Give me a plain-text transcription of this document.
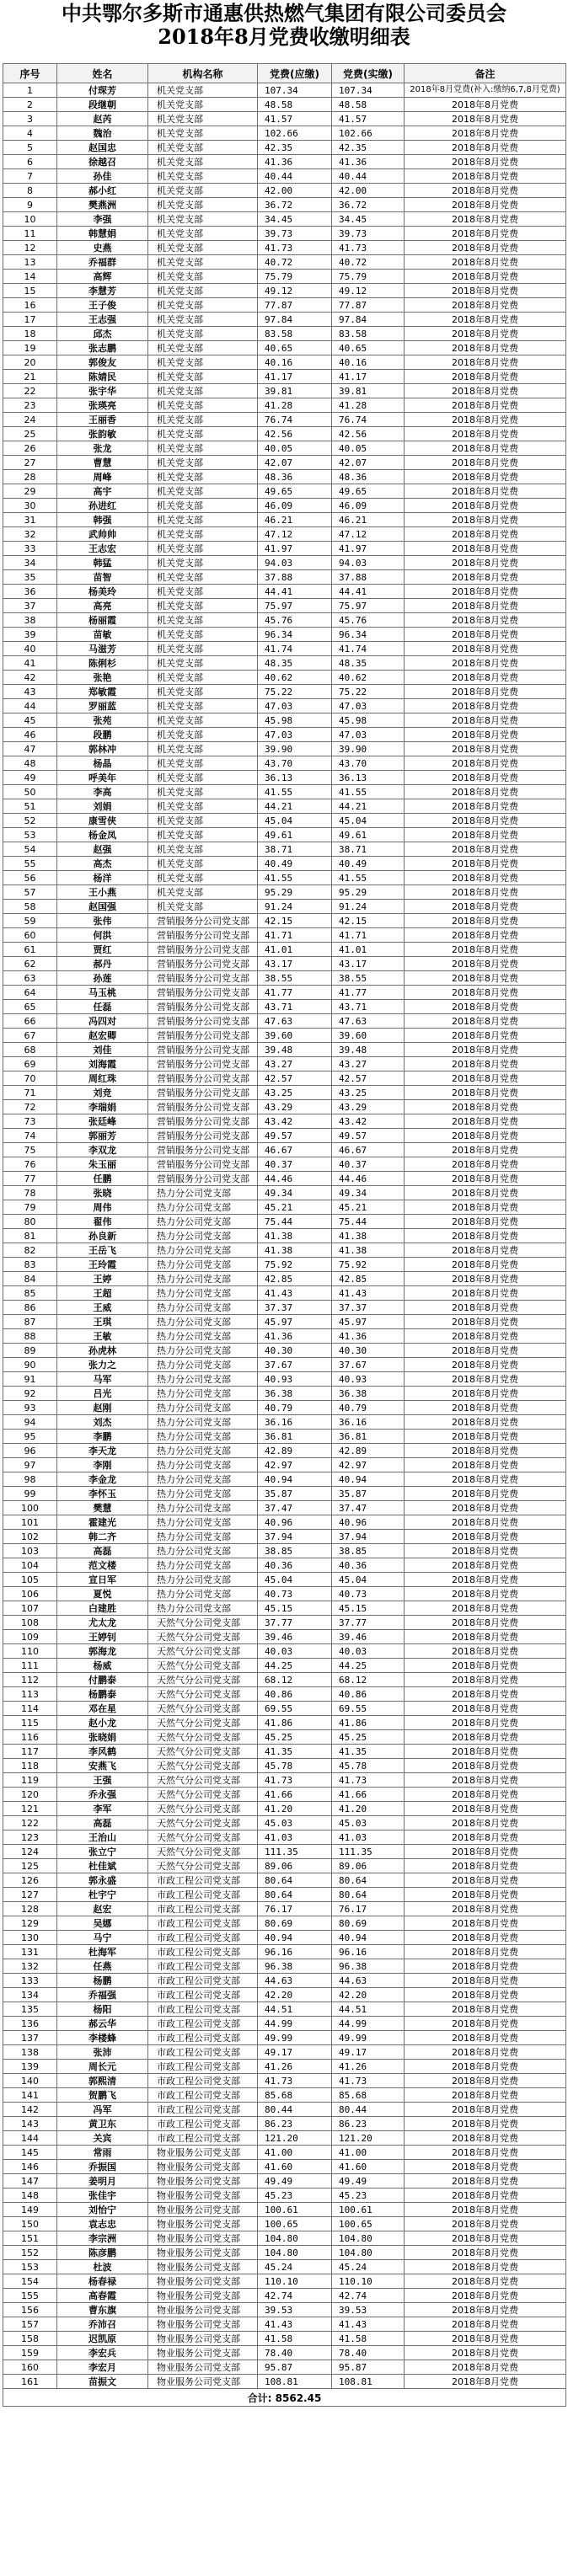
中共鄂尔多斯市通惠供热燃气集团有限公司委员会
2018年8月党费收缴明细表
序号	姓名	机构名称	党费(应缴)	党费(实缴)	备注
1	付琛芳	机关党支部	107.34	107.34	2018年8月党费(补入:缴纳6,7,8月党费)
2	段继朝	机关党支部	48.58	48.58	2018年8月党费
3	赵芮	机关党支部	41.57	41.57	2018年8月党费
4	魏治	机关党支部	102.66	102.66	2018年8月党费
5	赵国忠	机关党支部	42.35	42.35	2018年8月党费
6	徐越召	机关党支部	41.36	41.36	2018年8月党费
7	孙佳	机关党支部	40.44	40.44	2018年8月党费
8	郝小红	机关党支部	42.00	42.00	2018年8月党费
9	樊燕洲	机关党支部	36.72	36.72	2018年8月党费
10	李强	机关党支部	34.45	34.45	2018年8月党费
11	韩慧娟	机关党支部	39.73	39.73	2018年8月党费
12	史燕	机关党支部	41.73	41.73	2018年8月党费
13	乔福群	机关党支部	40.72	40.72	2018年8月党费
14	高辉	机关党支部	75.79	75.79	2018年8月党费
15	李慧芳	机关党支部	49.12	49.12	2018年8月党费
16	王子俊	机关党支部	77.87	77.87	2018年8月党费
17	王志强	机关党支部	97.84	97.84	2018年8月党费
18	邱杰	机关党支部	83.58	83.58	2018年8月党费
19	张志鹏	机关党支部	40.65	40.65	2018年8月党费
20	郭俊友	机关党支部	40.16	40.16	2018年8月党费
21	陈婧民	机关党支部	41.17	41.17	2018年8月党费
22	张宇华	机关党支部	39.81	39.81	2018年8月党费
23	张瑛亮	机关党支部	41.28	41.28	2018年8月党费
24	王丽香	机关党支部	76.74	76.74	2018年8月党费
25	张韵敏	机关党支部	42.56	42.56	2018年8月党费
26	张龙	机关党支部	40.05	40.05	2018年8月党费
27	曹慧	机关党支部	42.07	42.07	2018年8月党费
28	周峰	机关党支部	48.36	48.36	2018年8月党费
29	高宇	机关党支部	49.65	49.65	2018年8月党费
30	孙进红	机关党支部	46.09	46.09	2018年8月党费
31	韩强	机关党支部	46.21	46.21	2018年8月党费
32	武帅帅	机关党支部	47.12	47.12	2018年8月党费
33	王志宏	机关党支部	41.97	41.97	2018年8月党费
34	韩猛	机关党支部	94.03	94.03	2018年8月党费
35	苗智	机关党支部	37.88	37.88	2018年8月党费
36	杨美玲	机关党支部	44.41	44.41	2018年8月党费
37	高亮	机关党支部	75.97	75.97	2018年8月党费
38	杨丽霞	机关党支部	45.76	45.76	2018年8月党费
39	苗敏	机关党支部	96.34	96.34	2018年8月党费
40	马滋芳	机关党支部	41.74	41.74	2018年8月党费
41	陈俐杉	机关党支部	48.35	48.35	2018年8月党费
42	张艳	机关党支部	40.62	40.62	2018年8月党费
43	郑敏霞	机关党支部	75.22	75.22	2018年8月党费
44	罗丽蓝	机关党支部	47.03	47.03	2018年8月党费
45	张苑	机关党支部	45.98	45.98	2018年8月党费
46	段鹏	机关党支部	47.03	47.03	2018年8月党费
47	郭林冲	机关党支部	39.90	39.90	2018年8月党费
48	杨晶	机关党支部	43.70	43.70	2018年8月党费
49	呼美年	机关党支部	36.13	36.13	2018年8月党费
50	李高	机关党支部	41.55	41.55	2018年8月党费
51	刘娟	机关党支部	44.21	44.21	2018年8月党费
52	康雪侠	机关党支部	45.04	45.04	2018年8月党费
53	杨金凤	机关党支部	49.61	49.61	2018年8月党费
54	赵强	机关党支部	38.71	38.71	2018年8月党费
55	高杰	机关党支部	40.49	40.49	2018年8月党费
56	杨洋	机关党支部	41.55	41.55	2018年8月党费
57	王小燕	机关党支部	95.29	95.29	2018年8月党费
58	赵国强	机关党支部	91.24	91.24	2018年8月党费
59	张伟	营销服务分公司党支部	42.15	42.15	2018年8月党费
60	何洪	营销服务分公司党支部	41.71	41.71	2018年8月党费
61	贾红	营销服务分公司党支部	41.01	41.01	2018年8月党费
62	郝丹	营销服务分公司党支部	43.17	43.17	2018年8月党费
63	孙莲	营销服务分公司党支部	38.55	38.55	2018年8月党费
64	马玉桃	营销服务分公司党支部	41.77	41.77	2018年8月党费
65	任磊	营销服务分公司党支部	43.71	43.71	2018年8月党费
66	冯四对	营销服务分公司党支部	47.63	47.63	2018年8月党费
67	赵宏卿	营销服务分公司党支部	39.60	39.60	2018年8月党费
68	刘佳	营销服务分公司党支部	39.48	39.48	2018年8月党费
69	刘海霞	营销服务分公司党支部	43.27	43.27	2018年8月党费
70	周红珠	营销服务分公司党支部	42.57	42.57	2018年8月党费
71	刘竞	营销服务分公司党支部	43.25	43.25	2018年8月党费
72	李瑞娟	营销服务分公司党支部	43.29	43.29	2018年8月党费
73	张廷峰	营销服务分公司党支部	43.42	43.42	2018年8月党费
74	郭丽芳	营销服务分公司党支部	49.57	49.57	2018年8月党费
75	李双龙	营销服务分公司党支部	46.67	46.67	2018年8月党费
76	朱玉丽	营销服务分公司党支部	40.37	40.37	2018年8月党费
77	任鹏	营销服务分公司党支部	44.46	44.46	2018年8月党费
78	张晓	热力分公司党支部	49.34	49.34	2018年8月党费
79	周伟	热力分公司党支部	45.21	45.21	2018年8月党费
80	翟伟	热力分公司党支部	75.44	75.44	2018年8月党费
81	孙良新	热力分公司党支部	41.38	41.38	2018年8月党费
82	王岳飞	热力分公司党支部	41.38	41.38	2018年8月党费
83	王玲霞	热力分公司党支部	75.92	75.92	2018年8月党费
84	王婷	热力分公司党支部	42.85	42.85	2018年8月党费
85	王超	热力分公司党支部	41.43	41.43	2018年8月党费
86	王威	热力分公司党支部	37.37	37.37	2018年8月党费
87	王琪	热力分公司党支部	45.97	45.97	2018年8月党费
88	王敏	热力分公司党支部	41.36	41.36	2018年8月党费
89	孙虎林	热力分公司党支部	40.30	40.30	2018年8月党费
90	张力之	热力分公司党支部	37.67	37.67	2018年8月党费
91	马军	热力分公司党支部	40.93	40.93	2018年8月党费
92	吕光	热力分公司党支部	36.38	36.38	2018年8月党费
93	赵刚	热力分公司党支部	40.79	40.79	2018年8月党费
94	刘杰	热力分公司党支部	36.16	36.16	2018年8月党费
95	李鹏	热力分公司党支部	36.81	36.81	2018年8月党费
96	李天龙	热力分公司党支部	42.89	42.89	2018年8月党费
97	李刚	热力分公司党支部	42.97	42.97	2018年8月党费
98	李金龙	热力分公司党支部	40.94	40.94	2018年8月党费
99	李怀玉	热力分公司党支部	35.87	35.87	2018年8月党费
100	樊慧	热力分公司党支部	37.47	37.47	2018年8月党费
101	霍建光	热力分公司党支部	40.96	40.96	2018年8月党费
102	韩二齐	热力分公司党支部	37.94	37.94	2018年8月党费
103	高磊	热力分公司党支部	38.85	38.85	2018年8月党费
104	范文楼	热力分公司党支部	40.36	40.36	2018年8月党费
105	宣日军	热力分公司党支部	45.04	45.04	2018年8月党费
106	夏悦	热力分公司党支部	40.73	40.73	2018年8月党费
107	白建胜	热力分公司党支部	45.15	45.15	2018年8月党费
108	尤太龙	天然气分公司党支部	37.77	37.77	2018年8月党费
109	王婷钊	天然气分公司党支部	39.46	39.46	2018年8月党费
110	郭海龙	天然气分公司党支部	40.03	40.03	2018年8月党费
111	杨威	天然气分公司党支部	44.25	44.25	2018年8月党费
112	付鹏泰	天然气分公司党支部	68.12	68.12	2018年8月党费
113	杨鹏泰	天然气分公司党支部	40.86	40.86	2018年8月党费
114	邓在星	天然气分公司党支部	69.55	69.55	2018年8月党费
115	赵小龙	天然气分公司党支部	41.86	41.86	2018年8月党费
116	张晓娟	天然气分公司党支部	45.25	45.25	2018年8月党费
117	李风鹤	天然气分公司党支部	41.35	41.35	2018年8月党费
118	安燕飞	天然气分公司党支部	45.78	45.78	2018年8月党费
119	王强	天然气分公司党支部	41.73	41.73	2018年8月党费
120	乔永强	天然气分公司党支部	41.66	41.66	2018年8月党费
121	李军	天然气分公司党支部	41.20	41.20	2018年8月党费
122	高磊	天然气分公司党支部	45.03	45.03	2018年8月党费
123	王治山	天然气分公司党支部	41.03	41.03	2018年8月党费
124	张立宁	天然气分公司党支部	111.35	111.35	2018年8月党费
125	杜佳斌	天然气分公司党支部	89.06	89.06	2018年8月党费
126	郭永盛	市政工程公司党支部	80.64	80.64	2018年8月党费
127	杜宇宁	市政工程公司党支部	80.64	80.64	2018年8月党费
128	赵宏	市政工程公司党支部	76.17	76.17	2018年8月党费
129	吴娜	市政工程公司党支部	80.69	80.69	2018年8月党费
130	马宁	市政工程公司党支部	40.94	40.94	2018年8月党费
131	杜海军	市政工程公司党支部	96.16	96.16	2018年8月党费
132	任燕	市政工程公司党支部	96.38	96.38	2018年8月党费
133	杨鹏	市政工程公司党支部	44.63	44.63	2018年8月党费
134	乔福强	市政工程公司党支部	42.20	42.20	2018年8月党费
135	杨阳	市政工程公司党支部	44.51	44.51	2018年8月党费
136	郝云华	市政工程公司党支部	44.99	44.99	2018年8月党费
137	李楼蜂	市政工程公司党支部	49.99	49.99	2018年8月党费
138	张沛	市政工程公司党支部	49.17	49.17	2018年8月党费
139	周长元	市政工程公司党支部	41.26	41.26	2018年8月党费
140	郭熙清	市政工程公司党支部	41.73	41.73	2018年8月党费
141	贺鹏飞	市政工程公司党支部	85.68	85.68	2018年8月党费
142	冯军	市政工程公司党支部	80.44	80.44	2018年8月党费
143	黄卫东	市政工程公司党支部	86.23	86.23	2018年8月党费
144	关宾	市政工程公司党支部	121.20	121.20	2018年8月党费
145	常雨	物业服务公司党支部	41.00	41.00	2018年8月党费
146	乔振国	物业服务公司党支部	41.60	41.60	2018年8月党费
147	姜明月	物业服务公司党支部	49.49	49.49	2018年8月党费
148	张佳宇	物业服务公司党支部	45.23	45.23	2018年8月党费
149	刘怡宁	物业服务公司党支部	100.61	100.61	2018年8月党费
150	袁志忠	物业服务公司党支部	100.65	100.65	2018年8月党费
151	李宗洲	物业服务公司党支部	104.80	104.80	2018年8月党费
152	陈彦鹏	物业服务公司党支部	104.80	104.80	2018年8月党费
153	杜波	物业服务公司党支部	45.24	45.24	2018年8月党费
154	杨春禄	物业服务公司党支部	110.10	110.10	2018年8月党费
155	高春霞	物业服务公司党支部	42.74	42.74	2018年8月党费
156	曹东旗	物业服务公司党支部	39.53	39.53	2018年8月党费
157	乔沛召	物业服务公司党支部	41.43	41.43	2018年8月党费
158	迟凯原	物业服务公司党支部	41.58	41.58	2018年8月党费
159	李宏兵	物业服务公司党支部	78.40	78.40	2018年8月党费
160	李宏月	物业服务公司党支部	95.87	95.87	2018年8月党费
161	苗振文	物业服务公司党支部	108.81	108.81	2018年8月党费
合计: 8562.45					
